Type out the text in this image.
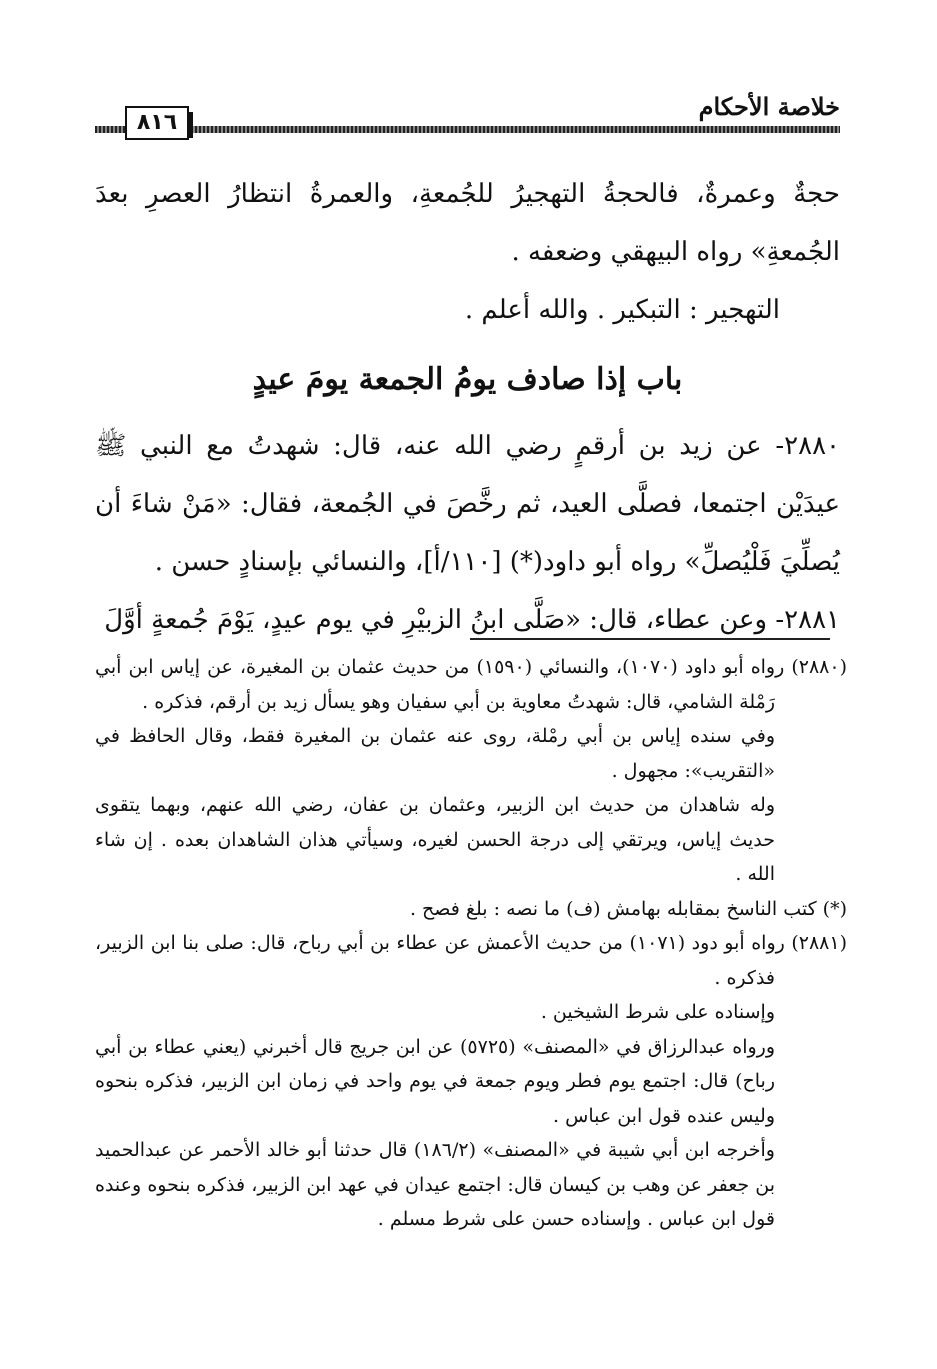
خلاصة الأحكام
٨١٦

حجةٌ وعمرةٌ، فالحجةُ التهجيرُ للجُمعةِ، والعمرةُ انتظارُ العصرِ بعدَ الجُمعةِ» رواه البيهقي وضعفه .

التهجير : التبكير . والله أعلم .

باب إذا صادف يومُ الجمعة يومَ عيدٍ

٢٨٨٠- عن زيد بن أرقمٍ رضي الله عنه، قال: شهدتُ مع النبي ﷺ عيدَيْن اجتمعا، فصلَّى العيد، ثم رخَّصَ في الجُمعة، فقال: «مَنْ شاءَ أن يُصلِّيَ فَلْيُصلِّ» رواه أبو داود(*) [١١٠/أ]، والنسائي بإسنادٍ حسن .

٢٨٨١- وعن عطاء، قال: «صَلَّى ابنُ الزبيْرِ في يوم عيدٍ، يَوْمَ جُمعةٍ أوَّلَ

(٢٨٨٠) رواه أبو داود (١٠٧٠)، والنسائي (١٥٩٠) من حديث عثمان بن المغيرة، عن إياس ابن أبي رَمْلة الشامي، قال: شهدتُ معاوية بن أبي سفيان وهو يسأل زيد بن أرقم، فذكره .

وفي سنده إياس بن أبي رمْلة، روى عنه عثمان بن المغيرة فقط، وقال الحافظ في «التقريب»: مجهول .

وله شاهدان من حديث ابن الزبير، وعثمان بن عفان، رضي الله عنهم، وبهما يتقوى حديث إياس، ويرتقي إلى درجة الحسن لغيره، وسيأتي هذان الشاهدان بعده . إن شاء الله .

(*) كتب الناسخ بمقابله بهامش (ف) ما نصه : بلغ فصح .

(٢٨٨١) رواه أبو دود (١٠٧١) من حديث الأعمش عن عطاء بن أبي رباح، قال: صلى بنا ابن الزبير، فذكره .

وإسناده على شرط الشيخين .

ورواه عبدالرزاق في «المصنف» (٥٧٢٥) عن ابن جريج قال أخبرني (يعني عطاء بن أبي رباح) قال: اجتمع يوم فطر ويوم جمعة في يوم واحد في زمان ابن الزبير، فذكره بنحوه وليس عنده قول ابن عباس .

وأخرجه ابن أبي شيبة في «المصنف» (١٨٦/٢) قال حدثنا أبو خالد الأحمر عن عبدالحميد بن جعفر عن وهب بن كيسان قال: اجتمع عيدان في عهد ابن الزبير، فذكره بنحوه وعنده قول ابن عباس . وإسناده حسن على شرط مسلم .
